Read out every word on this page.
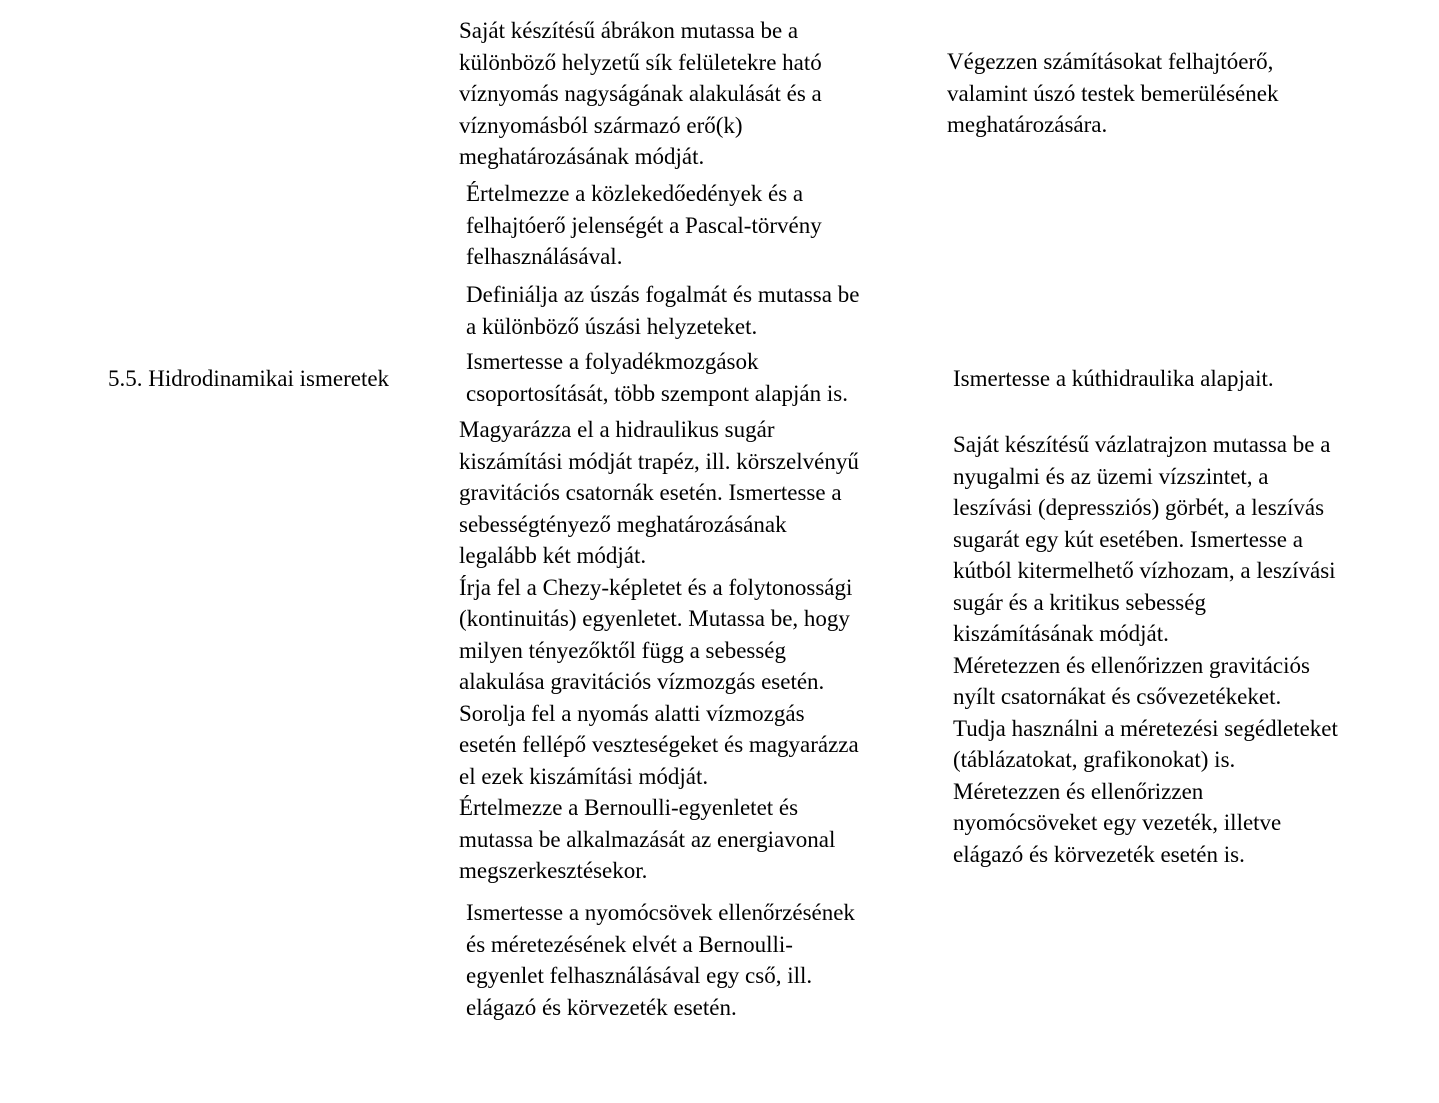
5.5. Hidrodinamikai ismeretek
Saját készítésű ábrákon mutassa be a
különböző helyzetű sík felületekre ható
víznyomás nagyságának alakulását és a
víznyomásból származó erő(k)
meghatározásának módját.
Értelmezze a közlekedőedények és a
felhajtóerő jelenségét a Pascal-törvény
felhasználásával.
Definiálja az úszás fogalmát és mutassa be
a különböző úszási helyzeteket.
Ismertesse a folyadékmozgások
csoportosítását, több szempont alapján is.
Magyarázza el a hidraulikus sugár
kiszámítási módját trapéz, ill. körszelvényű
gravitációs csatornák esetén. Ismertesse a
sebességtényező meghatározásának
legalább két módját.
Írja fel a Chezy-képletet és a folytonossági
(kontinuitás) egyenletet. Mutassa be, hogy
milyen tényezőktől függ a sebesség
alakulása gravitációs vízmozgás esetén.
Sorolja fel a nyomás alatti vízmozgás
esetén fellépő veszteségeket és magyarázza
el ezek kiszámítási módját.
Értelmezze a Bernoulli-egyenletet és
mutassa be alkalmazását az energiavonal
megszerkesztésekor.
Ismertesse a nyomócsövek ellenőrzésének
és méretezésének elvét a Bernoulli-
egyenlet felhasználásával egy cső, ill.
elágazó és körvezeték esetén.
Végezzen számításokat felhajtóerő,
valamint úszó testek bemerülésének
meghatározására.
Ismertesse a kúthidraulika alapjait.
Saját készítésű vázlatrajzon mutassa be a
nyugalmi és az üzemi vízszintet, a
leszívási (depressziós) görbét, a leszívás
sugarát egy kút esetében. Ismertesse a
kútból kitermelhető vízhozam, a leszívási
sugár és a kritikus sebesség
kiszámításának módját.
Méretezzen és ellenőrizzen gravitációs
nyílt csatornákat és csővezetékeket.
Tudja használni a méretezési segédleteket
(táblázatokat, grafikonokat) is.
Méretezzen és ellenőrizzen
nyomócsöveket egy vezeték, illetve
elágazó és körvezeték esetén is.
